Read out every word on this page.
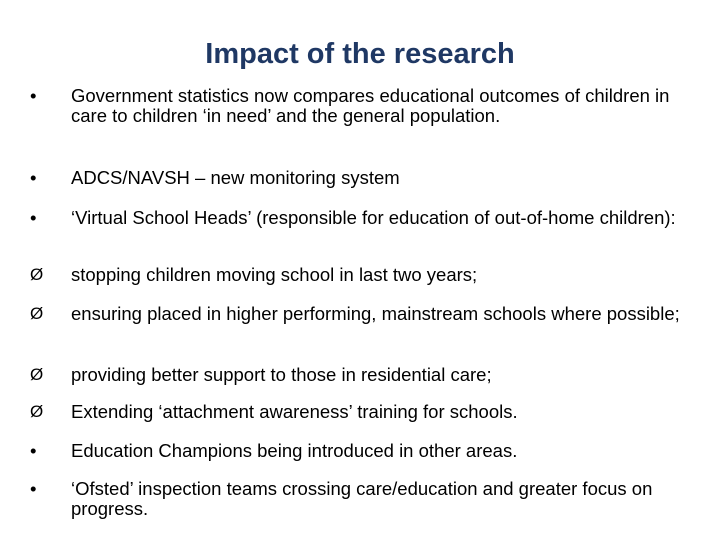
Impact of the research
•	Government statistics now compares educational outcomes of children in care to children ‘in need’ and the general population.
•	ADCS/NAVSH – new monitoring system
•	‘Virtual School Heads’ (responsible for education of out-of-home children):
Ø	stopping children moving school in last two years;
Ø	ensuring placed in higher performing, mainstream schools where possible;
Ø	providing better support to those in residential care;
Ø	Extending ‘attachment awareness’ training for schools.
•	Education Champions being introduced in other areas.
•	‘Ofsted’ inspection teams crossing care/education and greater focus on progress.
